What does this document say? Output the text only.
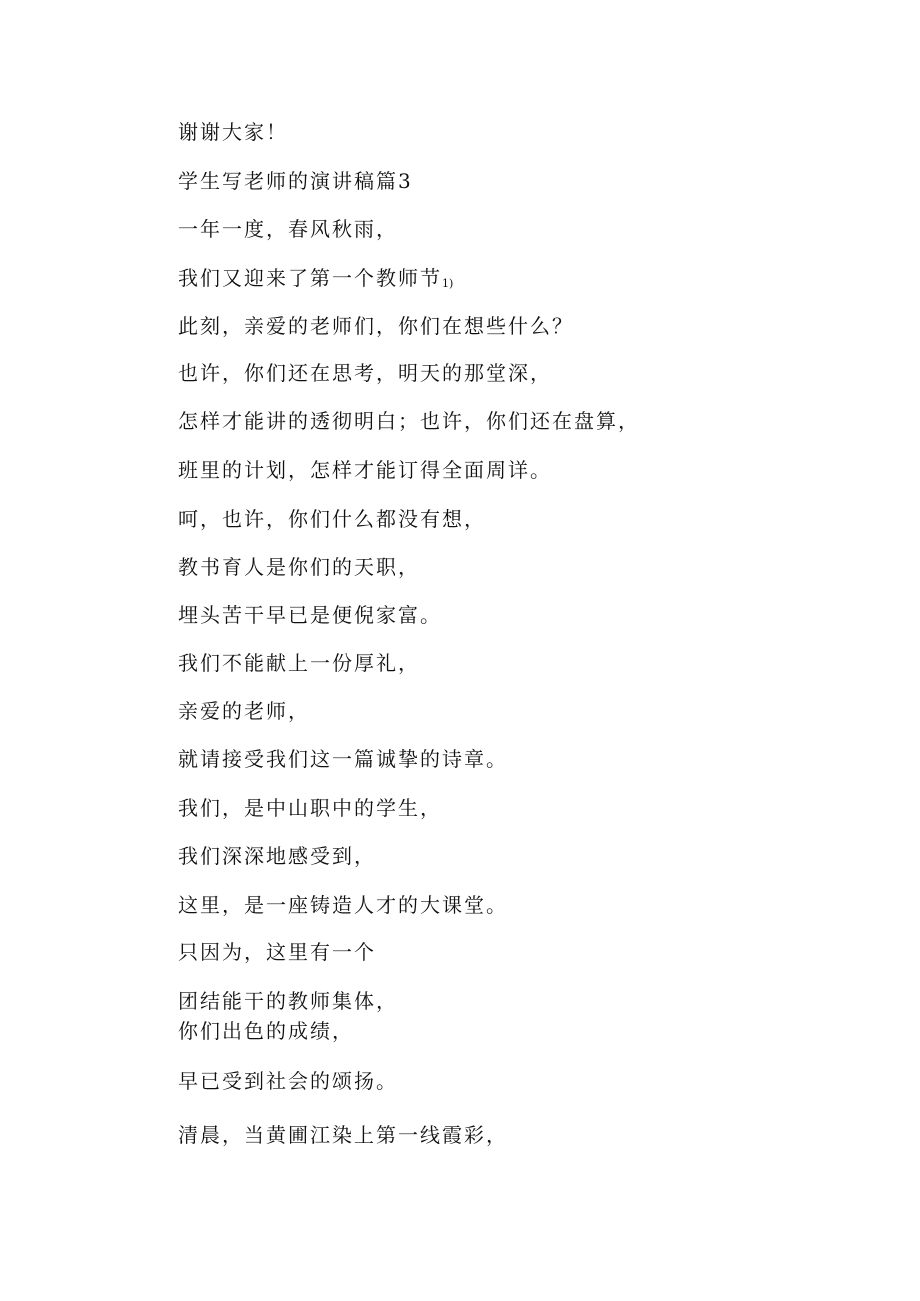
谢谢大家！

学生写老师的演讲稿篇3

一年一度，春风秋雨，

我们又迎来了第一个教师节1)

此刻，亲爱的老师们，你们在想些什么？

也许，你们还在思考，明天的那堂深，

怎样才能讲的透彻明白；也许，你们还在盘算，

班里的计划，怎样才能订得全面周详。

呵，也许，你们什么都没有想，

教书育人是你们的天职，

埋头苦干早已是便倪家富。

我们不能献上一份厚礼，

亲爱的老师，

就请接受我们这一篇诚挚的诗章。

我们，是中山职中的学生，

我们深深地感受到，

这里，是一座铸造人才的大课堂。

只因为，这里有一个

团结能干的教师集体，

你们出色的成绩，

早已受到社会的颂扬。

清晨，当黄圃江染上第一线霞彩，
